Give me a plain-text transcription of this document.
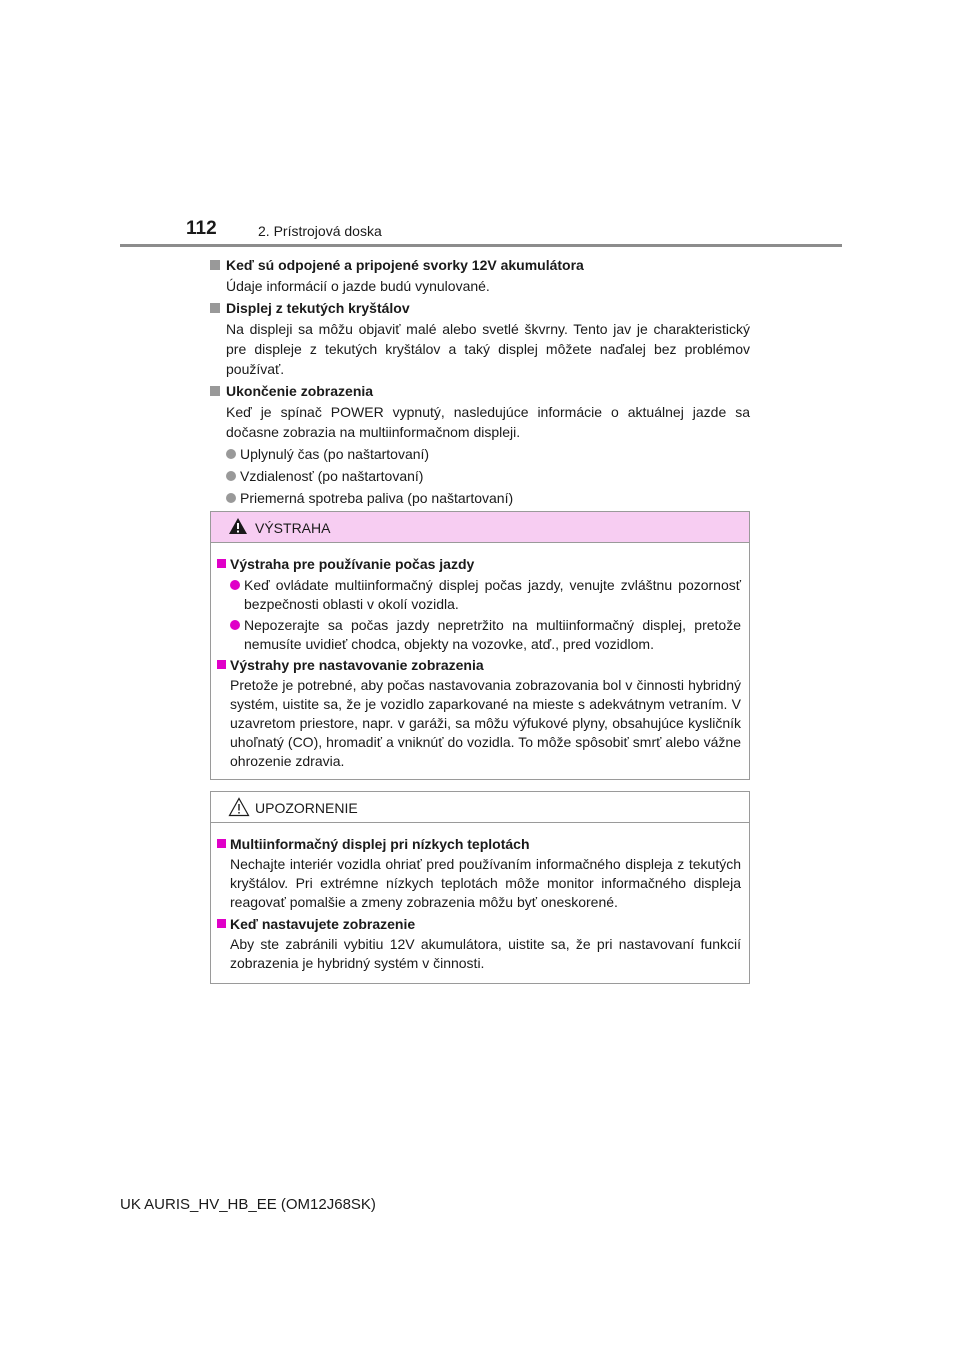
112	2. Prístrojová doska
Keď sú odpojené a pripojené svorky 12V akumulátora
Údaje informácií o jazde budú vynulované.
Displej z tekutých kryštálov
Na displeji sa môžu objaviť malé alebo svetlé škvrny. Tento jav je charakteristický pre displeje z tekutých kryštálov a taký displej môžete naďalej bez problémov používať.
Ukončenie zobrazenia
Keď je spínač POWER vypnutý, nasledujúce informácie o aktuálnej jazde sa dočasne zobrazia na multiinformačnom displeji.
Uplynulý čas (po naštartovaní)
Vzdialenosť (po naštartovaní)
Priemerná spotreba paliva (po naštartovaní)
VÝSTRAHA
Výstraha pre používanie počas jazdy
Keď ovládate multiinformačný displej počas jazdy, venujte zvláštnu pozornosť bezpečnosti oblasti v okolí vozidla.
Nepozerajte sa počas jazdy nepretržito na multiinformačný displej, pretože nemusíte uvidieť chodca, objekty na vozovke, atď., pred vozidlom.
Výstrahy pre nastavovanie zobrazenia
Pretože je potrebné, aby počas nastavovania zobrazovania bol v činnosti hybridný systém, uistite sa, že je vozidlo zaparkované na mieste s adekvátnym vetraním. V uzavretom priestore, napr. v garáži, sa môžu výfukové plyny, obsahujúce kysličník uhoľnatý (CO), hromadiť a vniknúť do vozidla. To môže spôsobiť smrť alebo vážne ohrozenie zdravia.
UPOZORNENIE
Multiinformačný displej pri nízkych teplotách
Nechajte interiér vozidla ohriať pred používaním informačného displeja z tekutých kryštálov. Pri extrémne nízkych teplotách môže monitor informačného displeja reagovať pomalšie a zmeny zobrazenia môžu byť oneskorené.
Keď nastavujete zobrazenie
Aby ste zabránili vybitiu 12V akumulátora, uistite sa, že pri nastavovaní funkcií zobrazenia je hybridný systém v činnosti.
UK AURIS_HV_HB_EE (OM12J68SK)
